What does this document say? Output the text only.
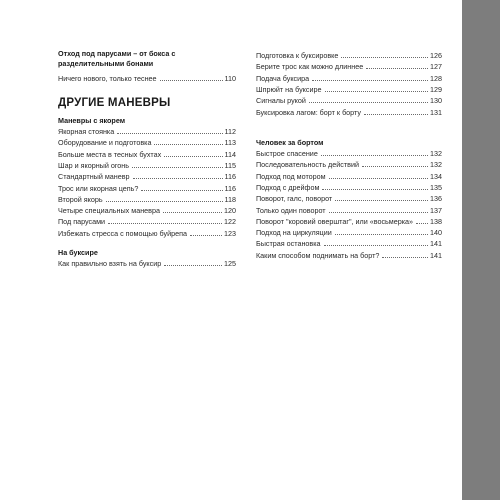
Отход под парусами – от бокса с разделительными бонами
Ничего нового, только теснее	110
ДРУГИЕ МАНЕВРЫ
Маневры с якорем
Якорная стоянка	112
Оборудование и подготовка	113
Больше места в тесных бухтах	114
Шар и якорный огонь	115
Стандартный маневр	116
Трос или якорная цепь?	116
Второй якорь	118
Четыре специальных маневра	120
Под парусами	122
Избежать стресса с помощью буйрепа	123
На буксире
Как правильно взять на буксир	125
Подготовка к буксировке	126
Берите трос как можно длиннее	127
Подача буксира	128
Шпрюйт на буксире	129
Сигналы рукой	130
Буксировка лагом: борт к борту	131
Человек за бортом
Быстрое спасение	132
Последовательность действий	132
Подход под мотором	134
Подход с дрейфом	135
Поворот, галс, поворот	136
Только один поворот	137
Поворот "коровий оверштаг", или «восьмерка» 138
Подход на циркуляции	140
Быстрая остановка	141
Каким способом поднимать на борт?	141
